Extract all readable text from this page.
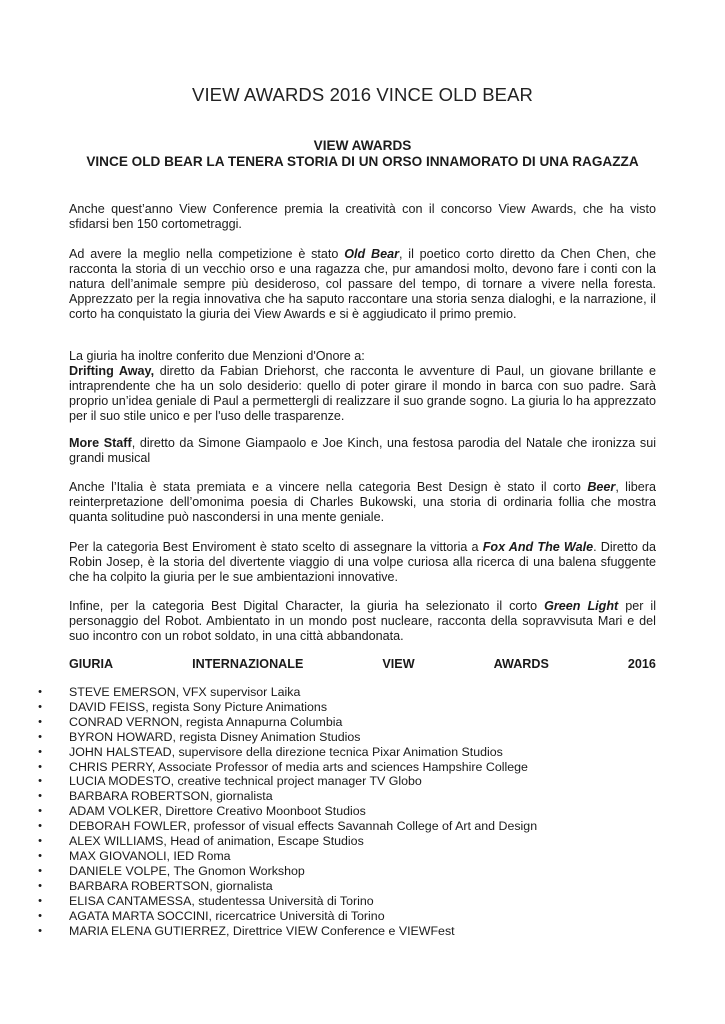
VIEW AWARDS 2016 VINCE OLD BEAR
VIEW AWARDS
VINCE OLD BEAR LA TENERA STORIA DI UN ORSO INNAMORATO DI UNA RAGAZZA
Anche quest’anno View Conference premia la creatività con il concorso View Awards, che ha visto sfidarsi ben 150 cortometraggi.
Ad avere la meglio nella competizione è stato Old Bear, il poetico corto diretto da Chen Chen, che racconta la storia di un vecchio orso e una ragazza che, pur amandosi molto, devono fare i conti con la natura dell’animale sempre più desideroso, col passare del tempo, di tornare a vivere nella foresta. Apprezzato per la regia innovativa che ha saputo raccontare una storia senza dialoghi, e la narrazione, il corto ha conquistato la giuria dei View Awards e si è aggiudicato il primo premio.
La giuria ha inoltre conferito due Menzioni d'Onore a:
Drifting Away, diretto da Fabian Driehorst, che racconta le avventure di Paul, un giovane brillante e intraprendente che ha un solo desiderio: quello di poter girare il mondo in barca con suo padre. Sarà proprio un’idea geniale di Paul a permettergli di realizzare il suo grande sogno. La giuria lo ha apprezzato per il suo stile unico e per l'uso delle trasparenze.
More Staff, diretto da Simone Giampaolo e Joe Kinch, una festosa parodia del Natale che ironizza sui grandi musical
Anche l’Italia è stata premiata e a vincere nella categoria Best Design è stato il corto Beer, libera reinterpretazione dell’omonima poesia di Charles Bukowski, una storia di ordinaria follia che mostra quanta solitudine può nascondersi in una mente geniale.
Per la categoria Best Enviroment è stato scelto di assegnare la vittoria a Fox And The Wale. Diretto da Robin Josep, è la storia del divertente viaggio di una volpe curiosa alla ricerca di una balena sfuggente che ha colpito la giuria per le sue ambientazioni innovative.
Infine, per la categoria Best Digital Character, la giuria ha selezionato il corto Green Light per il personaggio del Robot. Ambientato in un mondo post nucleare, racconta della sopravvisuta Mari e del suo incontro con un robot soldato, in una città abbandonata.
GIURIA	INTERNAZIONALE	VIEW	AWARDS	2016
• STEVE EMERSON, VFX supervisor Laika
• DAVID FEISS, regista Sony Picture Animations
• CONRAD VERNON, regista Annapurna Columbia
• BYRON HOWARD, regista Disney Animation Studios
• JOHN HALSTEAD, supervisore della direzione tecnica Pixar Animation Studios
• CHRIS PERRY, Associate Professor of media arts and sciences Hampshire College
• LUCIA MODESTO, creative technical project manager TV Globo
• BARBARA ROBERTSON, giornalista
• ADAM VOLKER, Direttore Creativo Moonboot Studios
• DEBORAH FOWLER, professor of visual effects Savannah College of Art and Design
• ALEX WILLIAMS, Head of animation, Escape Studios
• MAX GIOVANOLI, IED Roma
• DANIELE VOLPE, The Gnomon Workshop
• BARBARA ROBERTSON, giornalista
• ELISA CANTAMESSA, studentessa Università di Torino
• AGATA MARTA SOCCINI, ricercatrice Università di Torino
• MARIA ELENA GUTIERREZ, Direttrice VIEW Conference e VIEWFest
